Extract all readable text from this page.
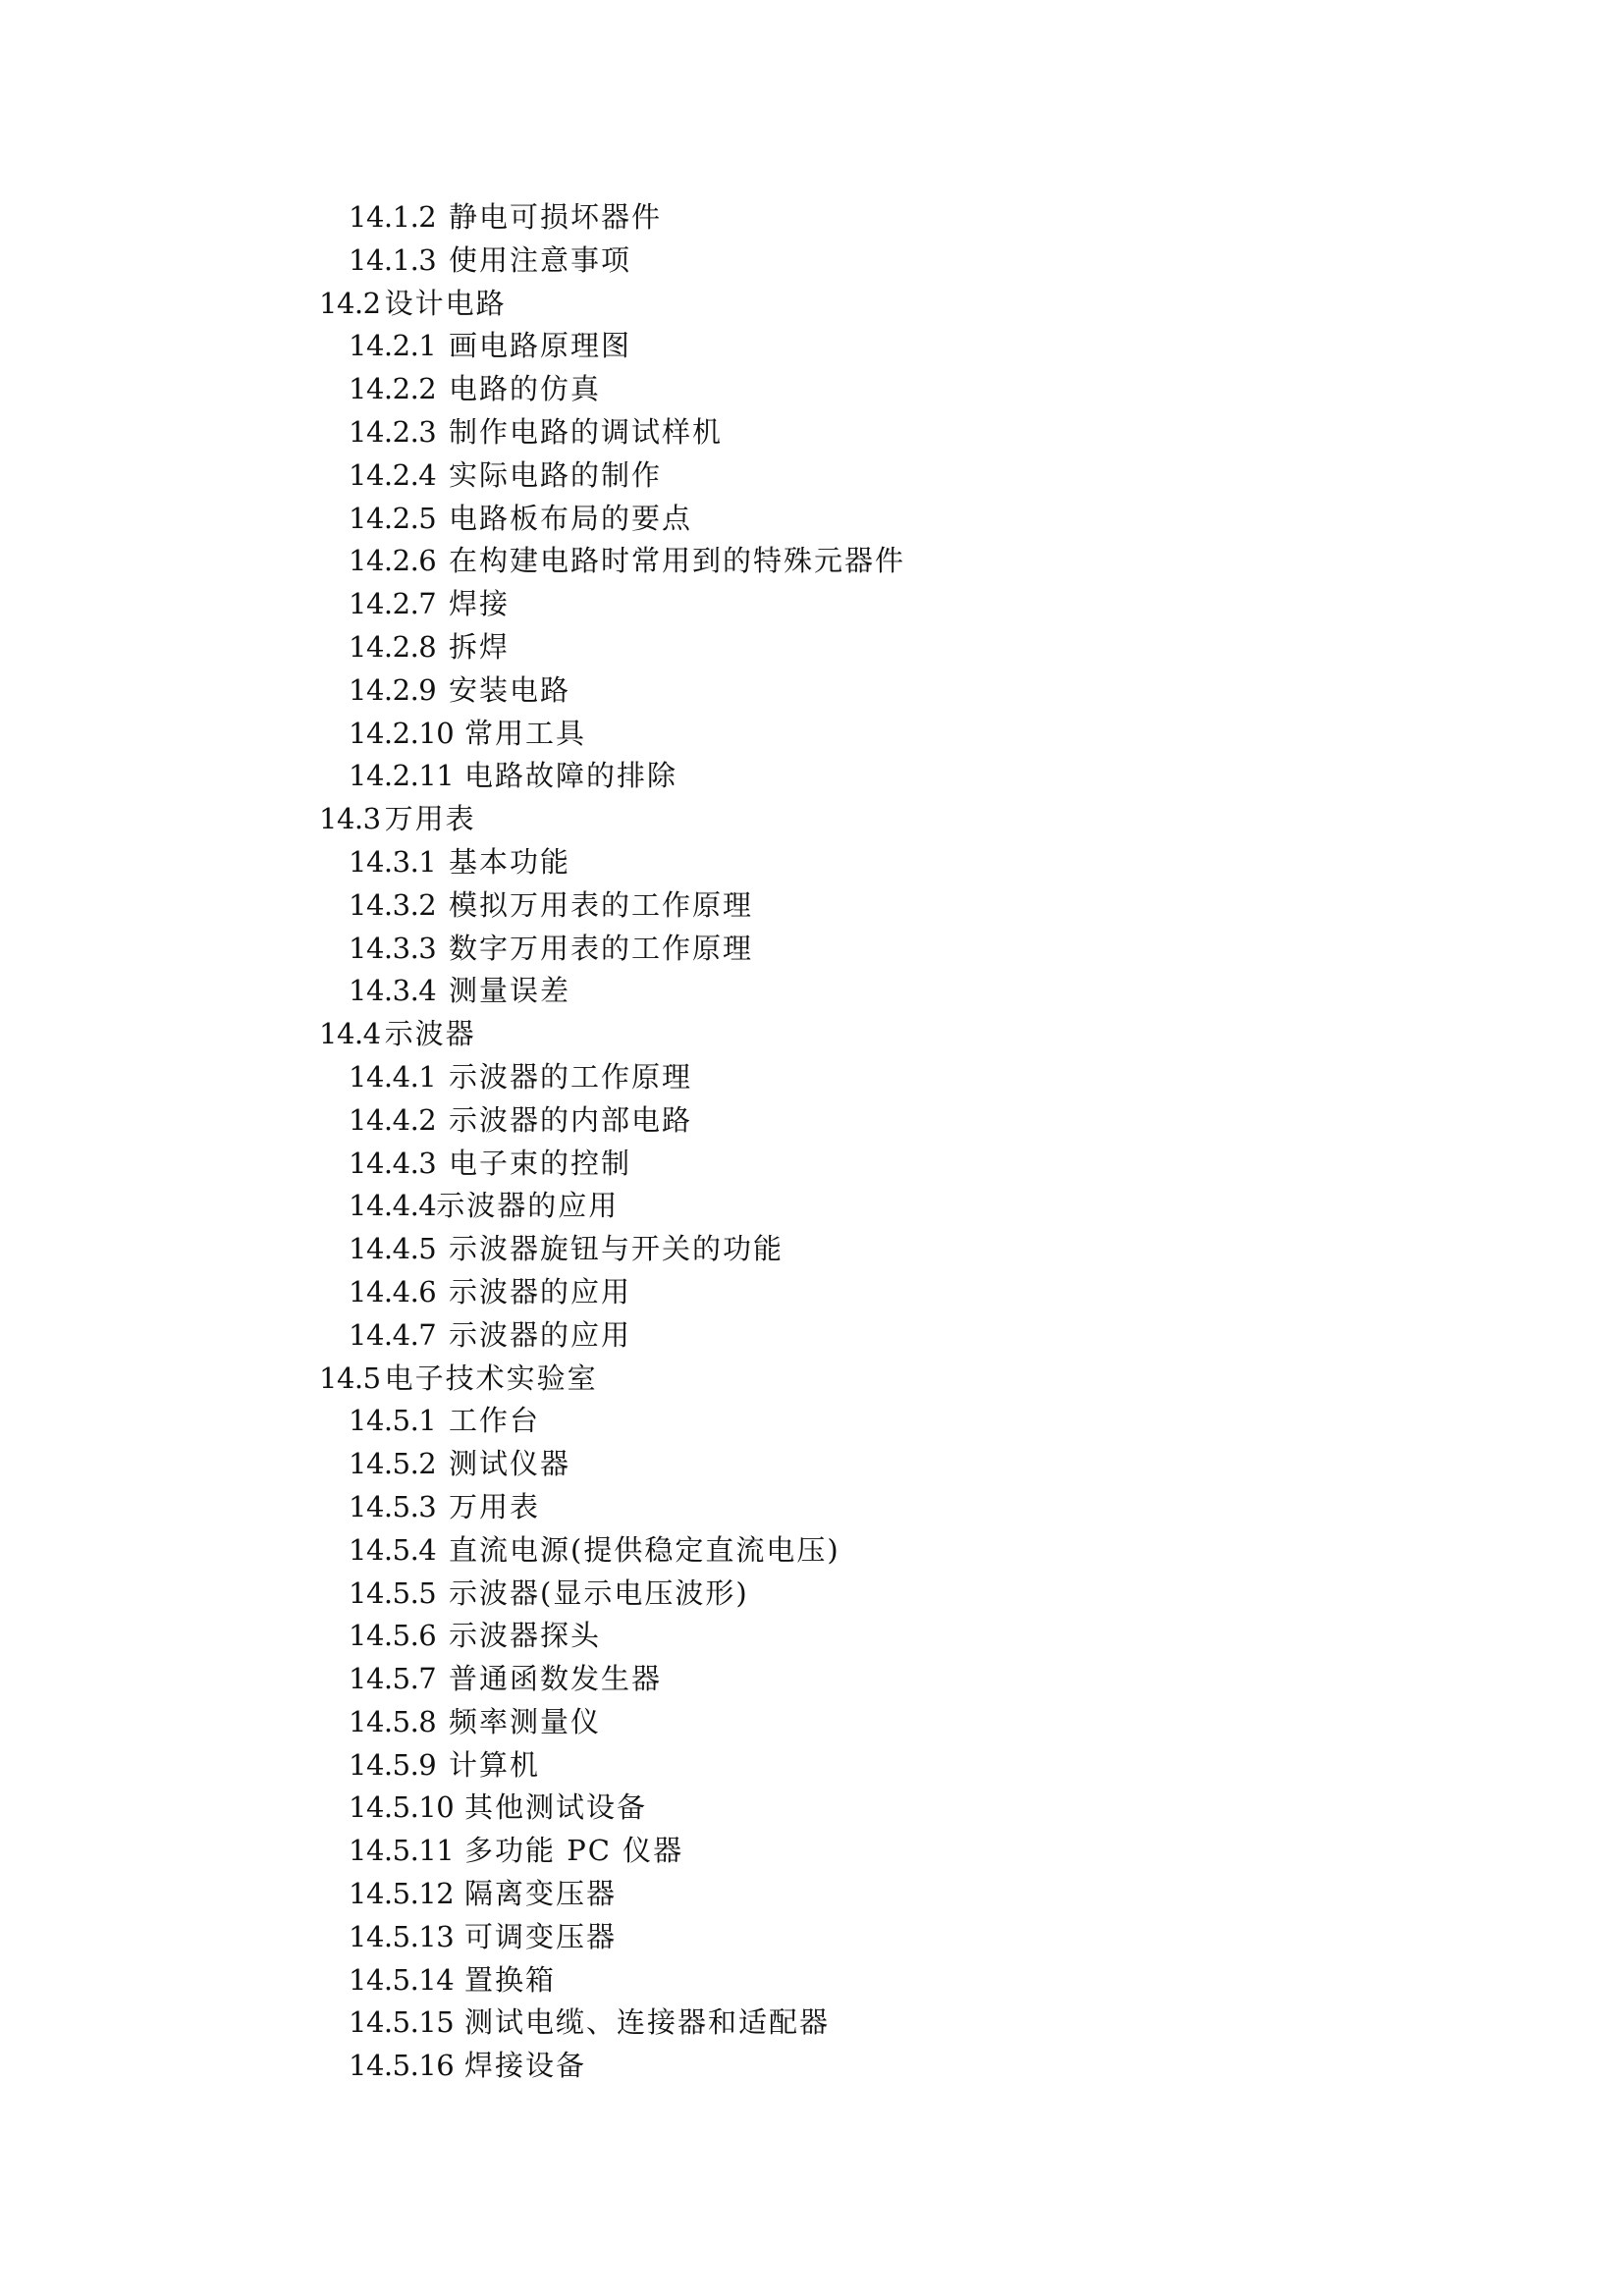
14.1.2 静电可损坏器件
14.1.3 使用注意事项
14.2 设计电路
14.2.1 画电路原理图
14.2.2 电路的仿真
14.2.3 制作电路的调试样机
14.2.4 实际电路的制作
14.2.5 电路板布局的要点
14.2.6 在构建电路时常用到的特殊元器件
14.2.7 焊接
14.2.8 拆焊
14.2.9 安装电路
14.2.10 常用工具
14.2.11 电路故障的排除
14.3 万用表
14.3.1 基本功能
14.3.2 模拟万用表的工作原理
14.3.3 数字万用表的工作原理
14.3.4 测量误差
14.4 示波器
14.4.1 示波器的工作原理
14.4.2 示波器的内部电路
14.4.3 电子束的控制
14.4.4示波器的应用
14.4.5 示波器旋钮与开关的功能
14.4.6 示波器的应用
14.4.7 示波器的应用
14.5 电子技术实验室
14.5.1 工作台
14.5.2 测试仪器
14.5.3 万用表
14.5.4 直流电源(提供稳定直流电压)
14.5.5 示波器(显示电压波形)
14.5.6 示波器探头
14.5.7 普通函数发生器
14.5.8 频率测量仪
14.5.9 计算机
14.5.10 其他测试设备
14.5.11 多功能 PC 仪器
14.5.12 隔离变压器
14.5.13 可调变压器
14.5.14 置换箱
14.5.15 测试电缆、连接器和适配器
14.5.16 焊接设备
